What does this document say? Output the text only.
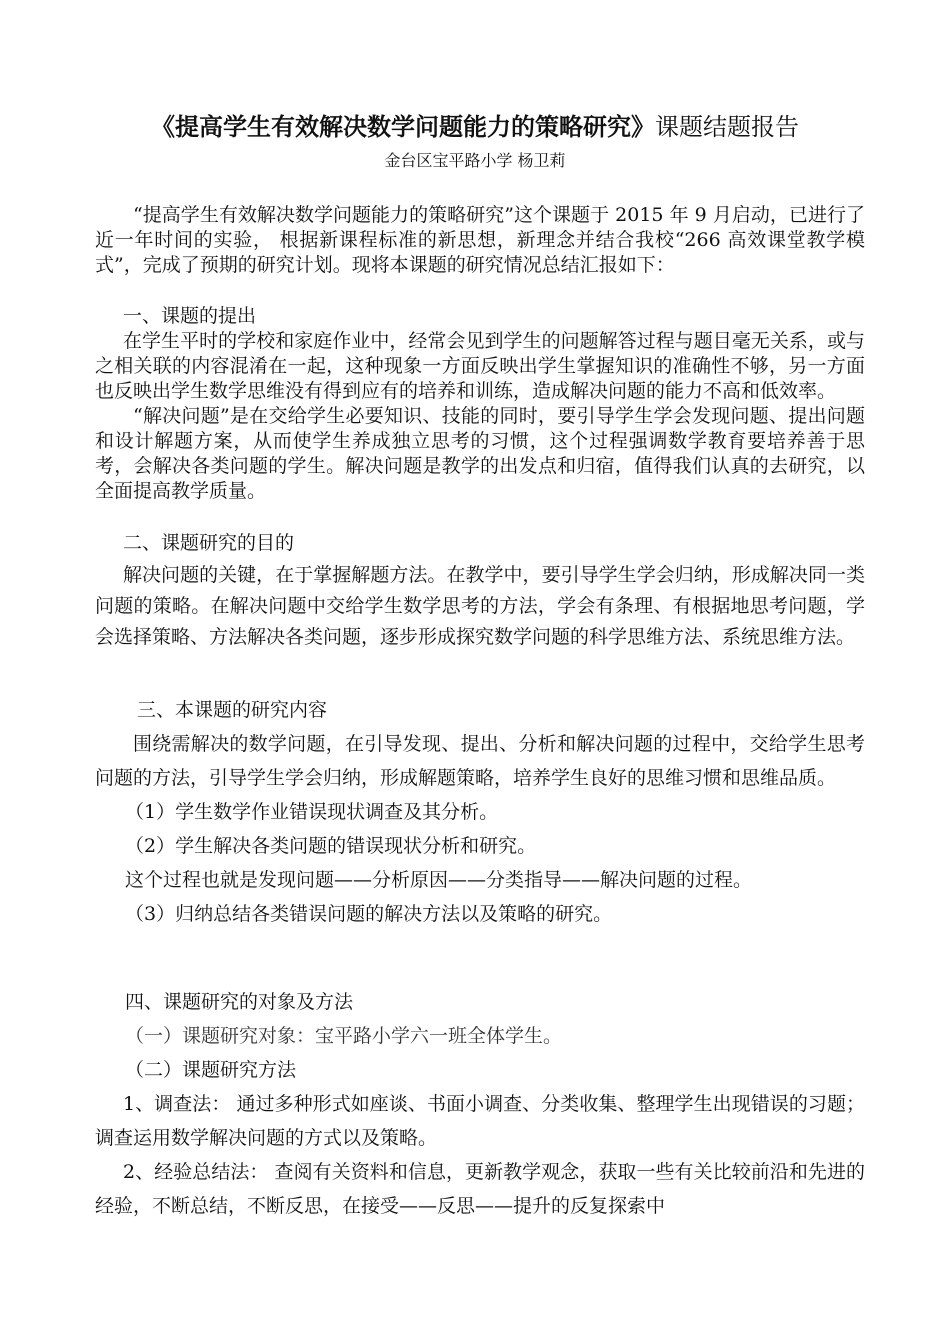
《提高学生有效解决数学问题能力的策略研究》课题结题报告
金台区宝平路小学 杨卫莉

“提高学生有效解决数学问题能力的策略研究”这个课题于 2015 年 9 月启动，已进行了近一年时间的实验， 根据新课程标准的新思想，新理念并结合我校“266 高效课堂教学模式”，完成了预期的研究计划。现将本课题的研究情况总结汇报如下：

一、课题的提出

在学生平时的学校和家庭作业中，经常会见到学生的问题解答过程与题目毫无关系，或与之相关联的内容混淆在一起，这种现象一方面反映出学生掌握知识的准确性不够，另一方面也反映出学生数学思维没有得到应有的培养和训练，造成解决问题的能力不高和低效率。

“解决问题”是在交给学生必要知识、技能的同时，要引导学生学会发现问题、提出问题和设计解题方案，从而使学生养成独立思考的习惯，这个过程强调数学教育要培养善于思考，会解决各类问题的学生。解决问题是教学的出发点和归宿，值得我们认真的去研究，以全面提高教学质量。

二、课题研究的目的

解决问题的关键，在于掌握解题方法。在教学中，要引导学生学会归纳，形成解决同一类问题的策略。在解决问题中交给学生数学思考的方法，学会有条理、有根据地思考问题，学会选择策略、方法解决各类问题，逐步形成探究数学问题的科学思维方法、系统思维方法。

三、本课题的研究内容

围绕需解决的数学问题，在引导发现、提出、分析和解决问题的过程中，交给学生思考问题的方法，引导学生学会归纳，形成解题策略，培养学生良好的思维习惯和思维品质。

（1）学生数学作业错误现状调查及其分析。

（2）学生解决各类问题的错误现状分析和研究。

这个过程也就是发现问题——分析原因——分类指导——解决问题的过程。

（3）归纳总结各类错误问题的解决方法以及策略的研究。

四、课题研究的对象及方法

（一）课题研究对象：宝平路小学六一班全体学生。

（二）课题研究方法

1、调查法： 通过多种形式如座谈、书面小调查、分类收集、整理学生出现错误的习题； 调查运用数学解决问题的方式以及策略。

2、经验总结法： 查阅有关资料和信息，更新教学观念，获取一些有关比较前沿和先进的经验，不断总结，不断反思，在接受——反思——提升的反复探索中
